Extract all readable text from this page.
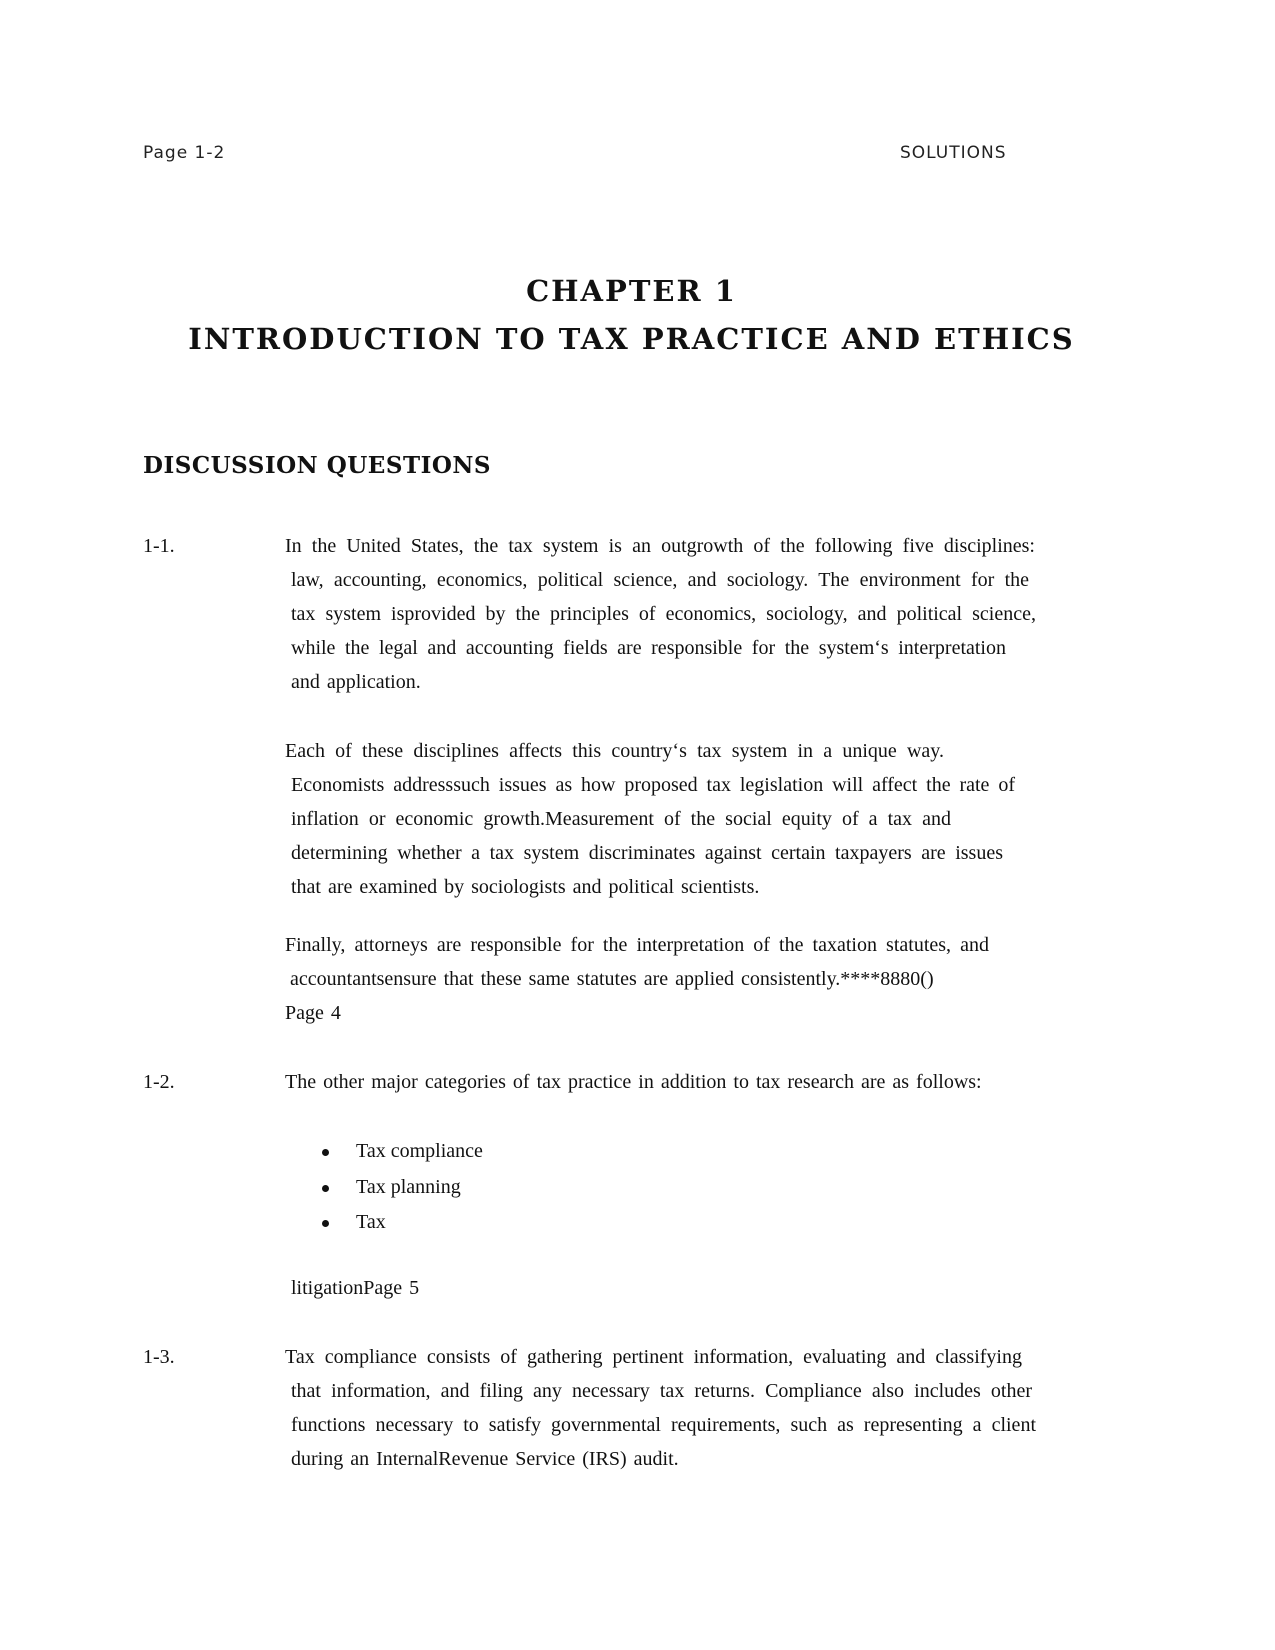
Page 1-2	SOLUTIONS
CHAPTER 1
INTRODUCTION TO TAX PRACTICE AND ETHICS
DISCUSSION QUESTIONS
1-1.	In the United States, the tax system is an outgrowth of the following five disciplines:
law, accounting, economics, political science, and sociology. The environment for the
tax system isprovided by the principles of economics, sociology, and political science,
while the legal and accounting fields are responsible for the system‘s interpretation
and application.
Each of these disciplines affects this country‘s tax system in a unique way.
Economists addresssuch issues as how proposed tax legislation will affect the rate of
inflation or economic growth.Measurement of the social equity of a tax and
determining whether a tax system discriminates against certain taxpayers are issues
that are examined by sociologists and political scientists.
Finally, attorneys are responsible for the interpretation of the taxation statutes, and
accountantsensure that these same statutes are applied consistently.****8880()
Page 4
1-2.	The other major categories of tax practice in addition to tax research are as follows:
Tax compliance
Tax planning
Tax
litigationPage 5
1-3.	Tax compliance consists of gathering pertinent information, evaluating and classifying
that information, and filing any necessary tax returns. Compliance also includes other
functions necessary to satisfy governmental requirements, such as representing a client
during an InternalRevenue Service (IRS) audit.
